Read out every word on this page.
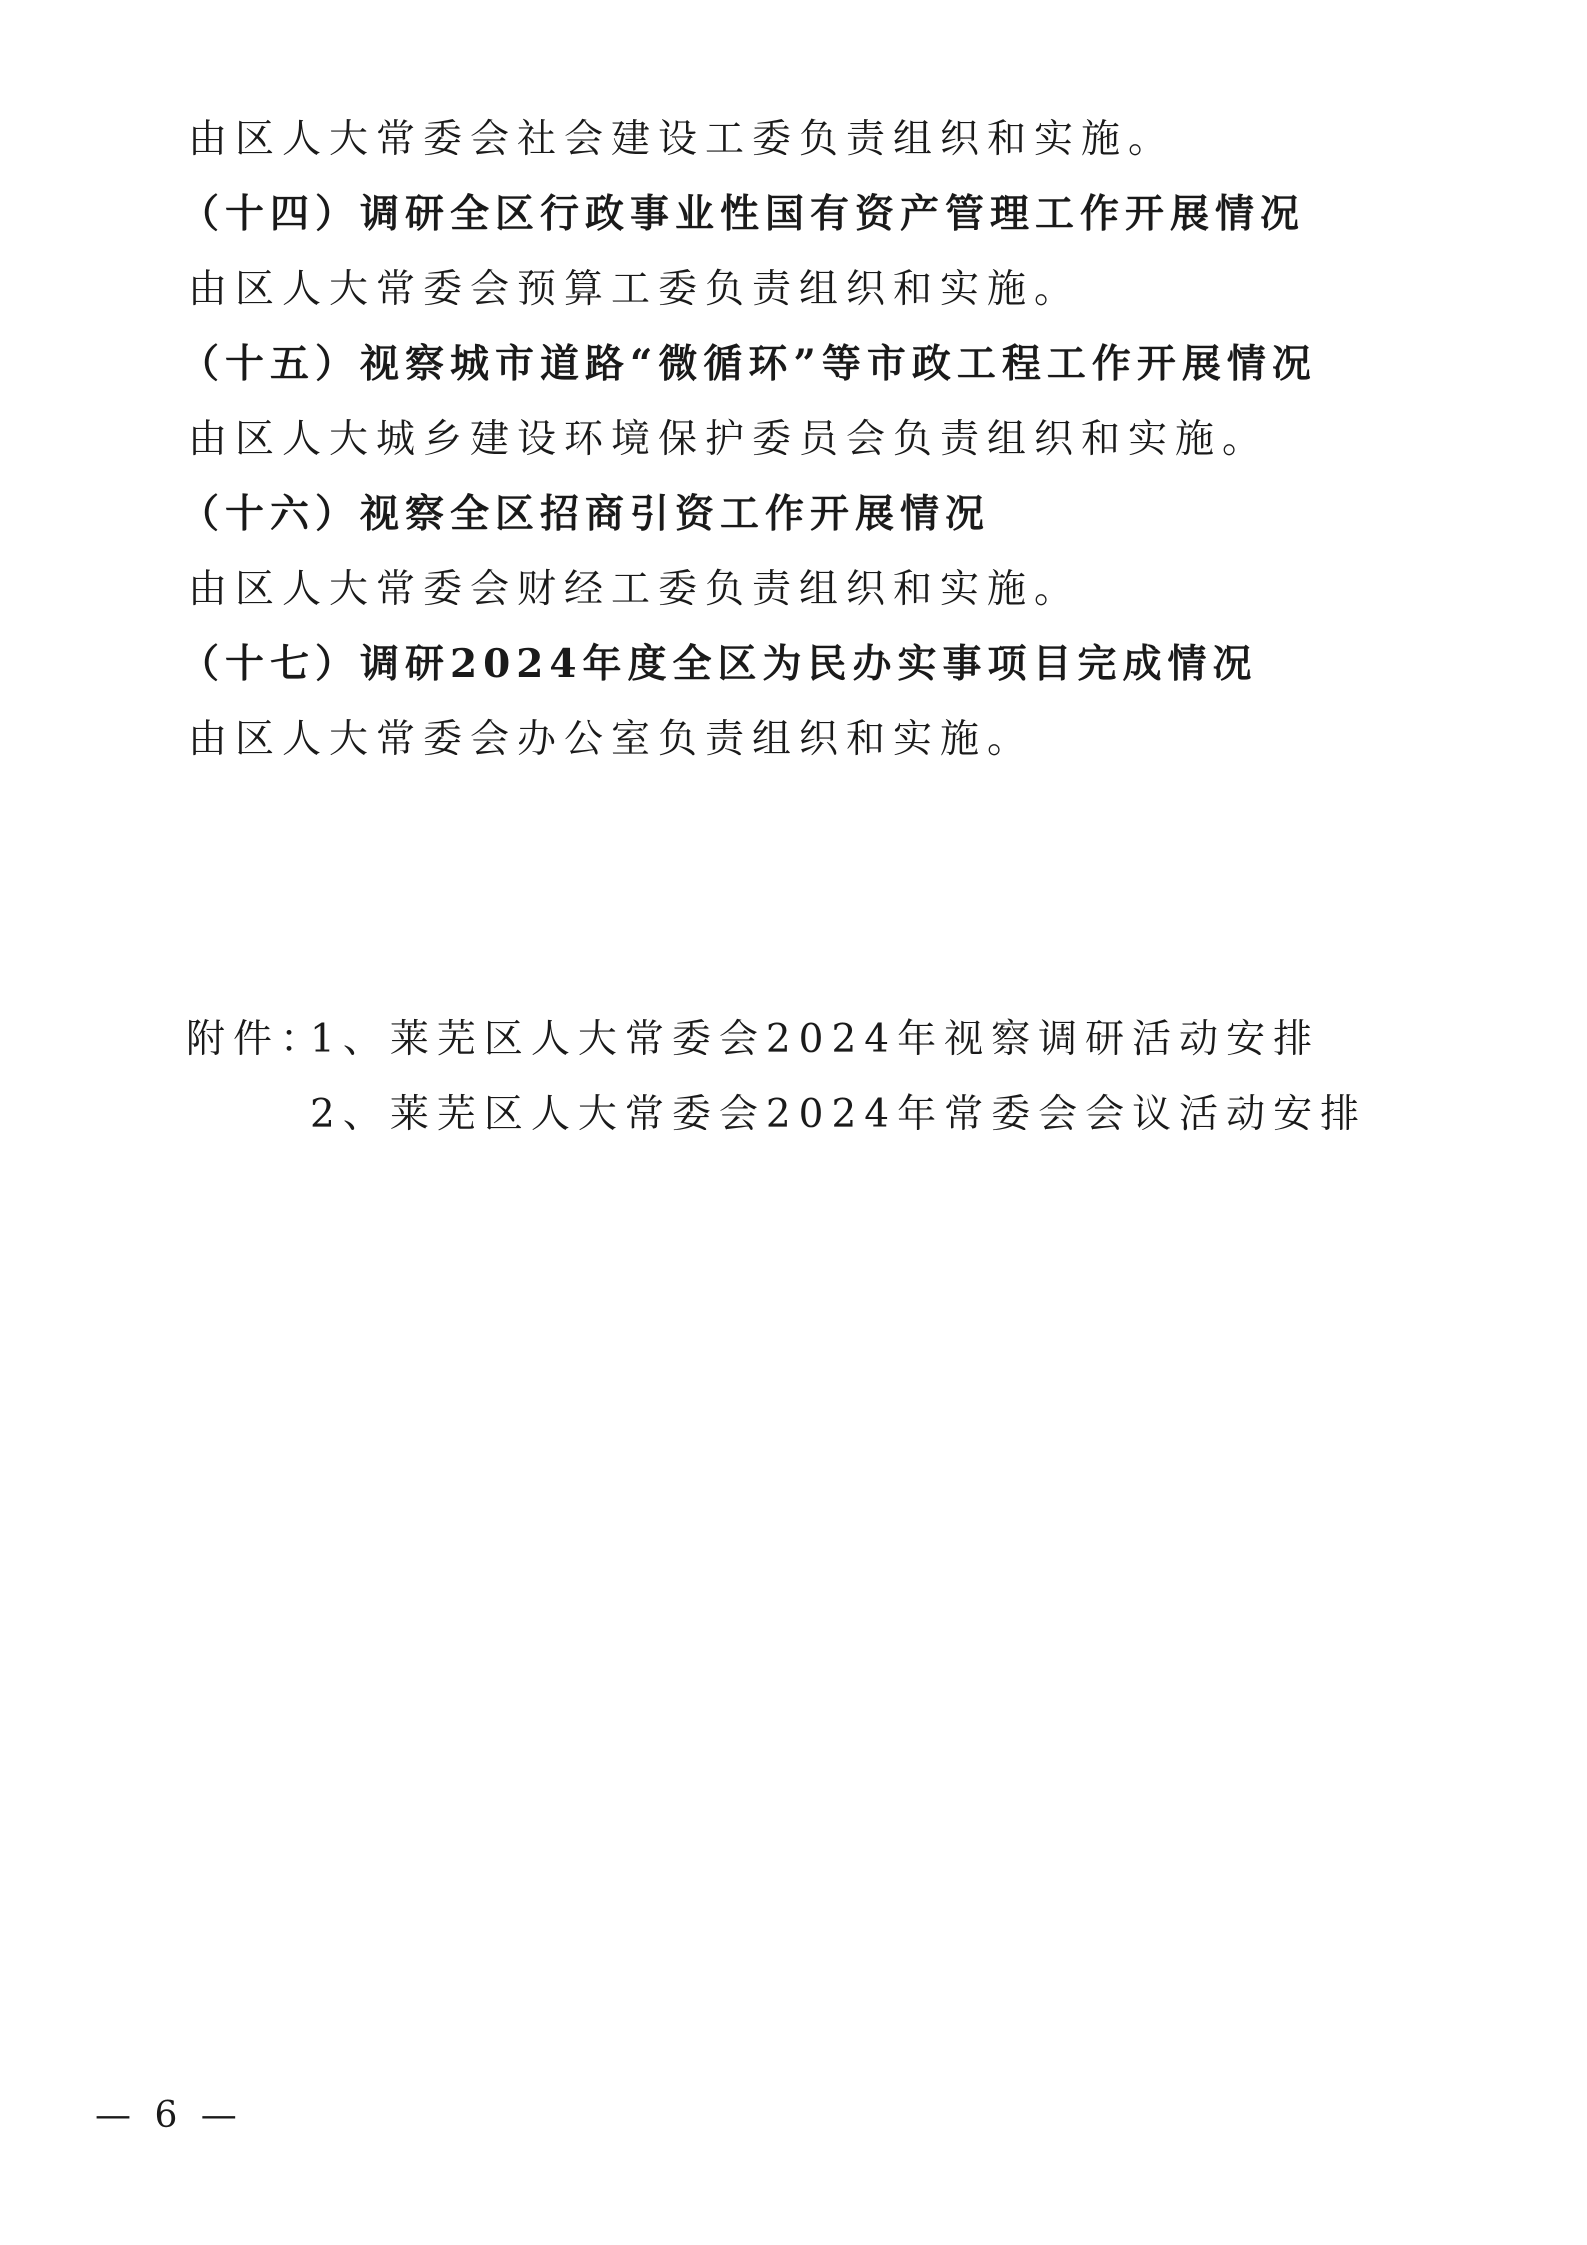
由区人大常委会社会建设工委负责组织和实施。
（十四）调研全区行政事业性国有资产管理工作开展情况
由区人大常委会预算工委负责组织和实施。
（十五）视察城市道路“微循环”等市政工程工作开展情况
由区人大城乡建设环境保护委员会负责组织和实施。
（十六）视察全区招商引资工作开展情况
由区人大常委会财经工委负责组织和实施。
（十七）调研2024年度全区为民办实事项目完成情况
由区人大常委会办公室负责组织和实施。
附件：
1、莱芜区人大常委会2024年视察调研活动安排
2、莱芜区人大常委会2024年常委会会议活动安排
— 6 —
